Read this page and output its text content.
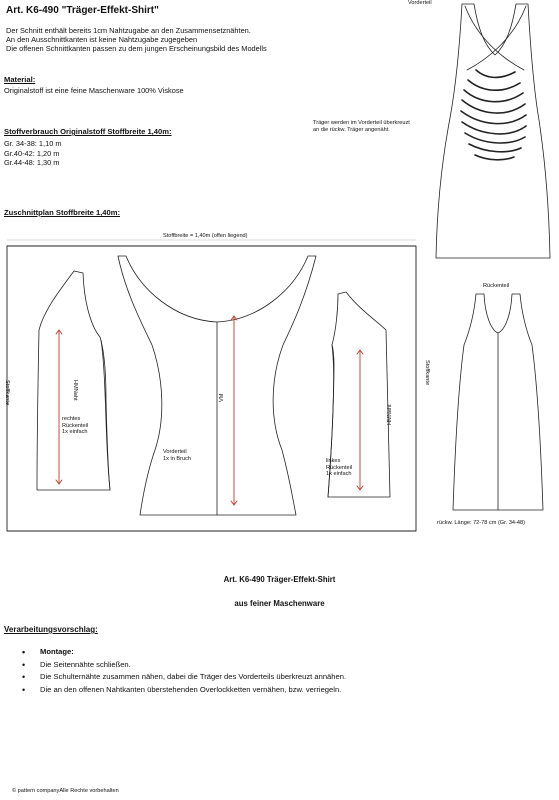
Art. K6-490 "Träger-Effekt-Shirt"
Der Schnitt enthält bereits 1cm Nahtzugabe an den Zusammensetznähten.
An den Ausschnittkanten ist keine Nahtzugabe zugegeben
Die offenen Schnittkanten passen zu dem jungen Erscheinungsbild des Modells
Material:
Originalstoff ist eine feine Maschenware 100% Viskose
Stoffverbrauch Originalstoff Stoffbreite 1,40m:
Gr. 34-38: 1,10 m
Gr.40-42: 1,20 m
Gr.44-48: 1,30 m
Zuschnittplan Stoffbreite 1,40m:
Vorderteil
Träger werden im Vorderteil überkreuzt
an die rückw. Träger angenäht.
Rückenteil
rückw. Länge: 72-78 cm (Gr. 34-48)
Stoffbreite = 1,40m (offen liegend)
Stoffkante
Stoffkante
rechtes
Rückenteil
1x einfach
HMNaht
Vorderteil
1x in Bruch
VM
linkes
Rückenteil
1x einfach
HMNaht
Art. K6-490 Träger-Effekt-Shirt
aus feiner Maschenware
Verarbeitungsvorschlag:
• Montage:
• Die Seitennähte schließen.
• Die Schulternähte zusammen nähen, dabei die Träger des Vorderteils überkreuzt annähen.
• Die an den offenen Nahtkanten überstehenden Overlockketten vernähen, bzw. verriegeln.
© pattern companyAlle Rechte vorbehalten
